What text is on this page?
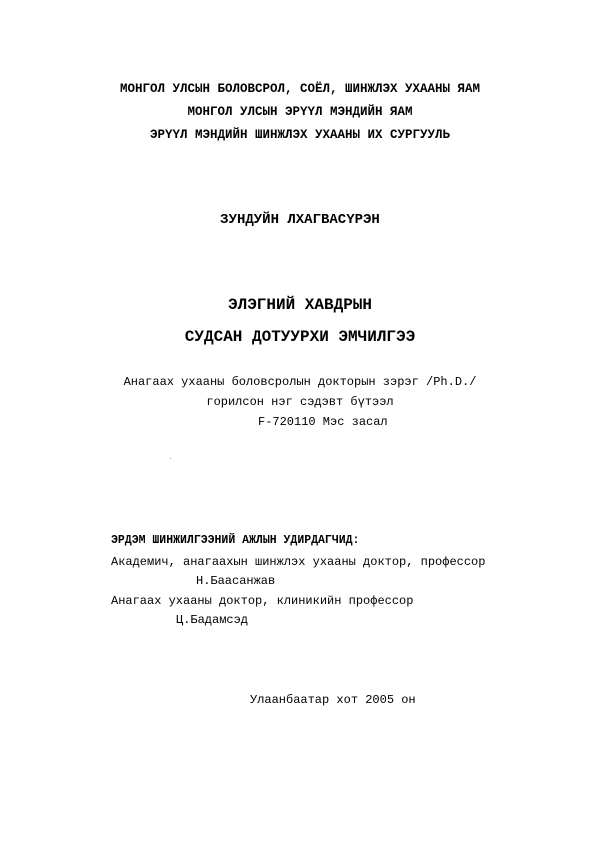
МОНГОЛ УЛСЫН БОЛОВСРОЛ, СОЁЛ, ШИНЖЛЭХ УХААНЫ ЯАМ
МОНГОЛ УЛСЫН ЭРҮҮЛ МЭНДИЙН ЯАМ
ЭРҮҮЛ МЭНДИЙН ШИНЖЛЭХ УХААНЫ ИХ СУРГУУЛЬ
ЗУНДУЙН ЛХАГВАСҮРЭН
ЭЛЭГНИЙ ХАВДРЫН
СУДСАН ДОТУУРХИ ЭМЧИЛГЭЭ
Анагаах ухааны боловсролын докторын зэрэг /Ph.D./
горилсон нэг сэдэвт бүтээл
F-720110 Мэс засал
ЭРДЭМ ШИНЖИЛГЭЭНИЙ АЖЛЫН УДИРДАГЧИД:
Академич, анагаахын шинжлэх ухааны доктор, профессор
Н.Баасанжав
Анагаах ухааны доктор, клиникийн профессор
Ц.Бадамсэд
Улаанбаатар хот 2005 он
